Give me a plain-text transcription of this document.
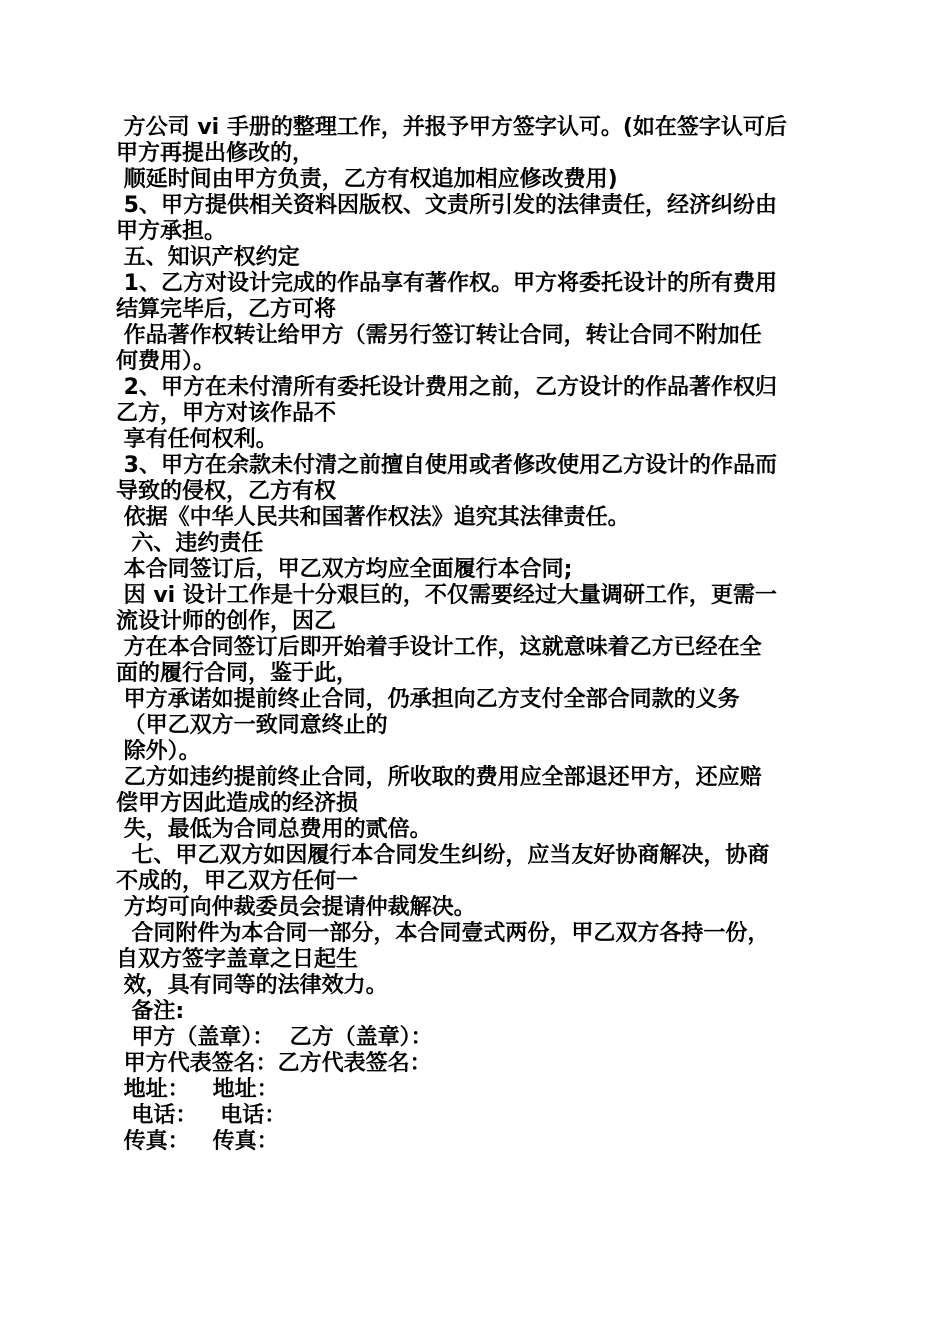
方公司 vi 手册的整理工作，并报予甲方签字认可。(如在签字认可后
甲方再提出修改的，
顺延时间由甲方负责，乙方有权追加相应修改费用)
5、甲方提供相关资料因版权、文责所引发的法律责任，经济纠纷由
甲方承担。
五、知识产权约定
1、乙方对设计完成的作品享有著作权。甲方将委托设计的所有费用
结算完毕后，乙方可将
作品著作权转让给甲方（需另行签订转让合同，转让合同不附加任
何费用）。
2、甲方在未付清所有委托设计费用之前，乙方设计的作品著作权归
乙方，甲方对该作品不
享有任何权利。
3、甲方在余款未付清之前擅自使用或者修改使用乙方设计的作品而
导致的侵权，乙方有权
依据《中华人民共和国著作权法》追究其法律责任。
六、违约责任
本合同签订后，甲乙双方均应全面履行本合同;
因 vi 设计工作是十分艰巨的，不仅需要经过大量调研工作，更需一
流设计师的创作，因乙
方在本合同签订后即开始着手设计工作，这就意味着乙方已经在全
面的履行合同，鉴于此，
甲方承诺如提前终止合同，仍承担向乙方支付全部合同款的义务
（甲乙双方一致同意终止的
除外）。
乙方如违约提前终止合同，所收取的费用应全部退还甲方，还应赔
偿甲方因此造成的经济损
失，最低为合同总费用的贰倍。
七、甲乙双方如因履行本合同发生纠纷，应当友好协商解决，协商
不成的，甲乙双方任何一
方均可向仲裁委员会提请仲裁解决。
合同附件为本合同一部分，本合同壹式两份，甲乙双方各持一份，
自双方签字盖章之日起生
效，具有同等的法律效力。
备注:
甲方（盖章）：  乙方（盖章）：
甲方代表签名：乙方代表签名：
地址：   地址：
电话：   电话：
传真：   传真：
